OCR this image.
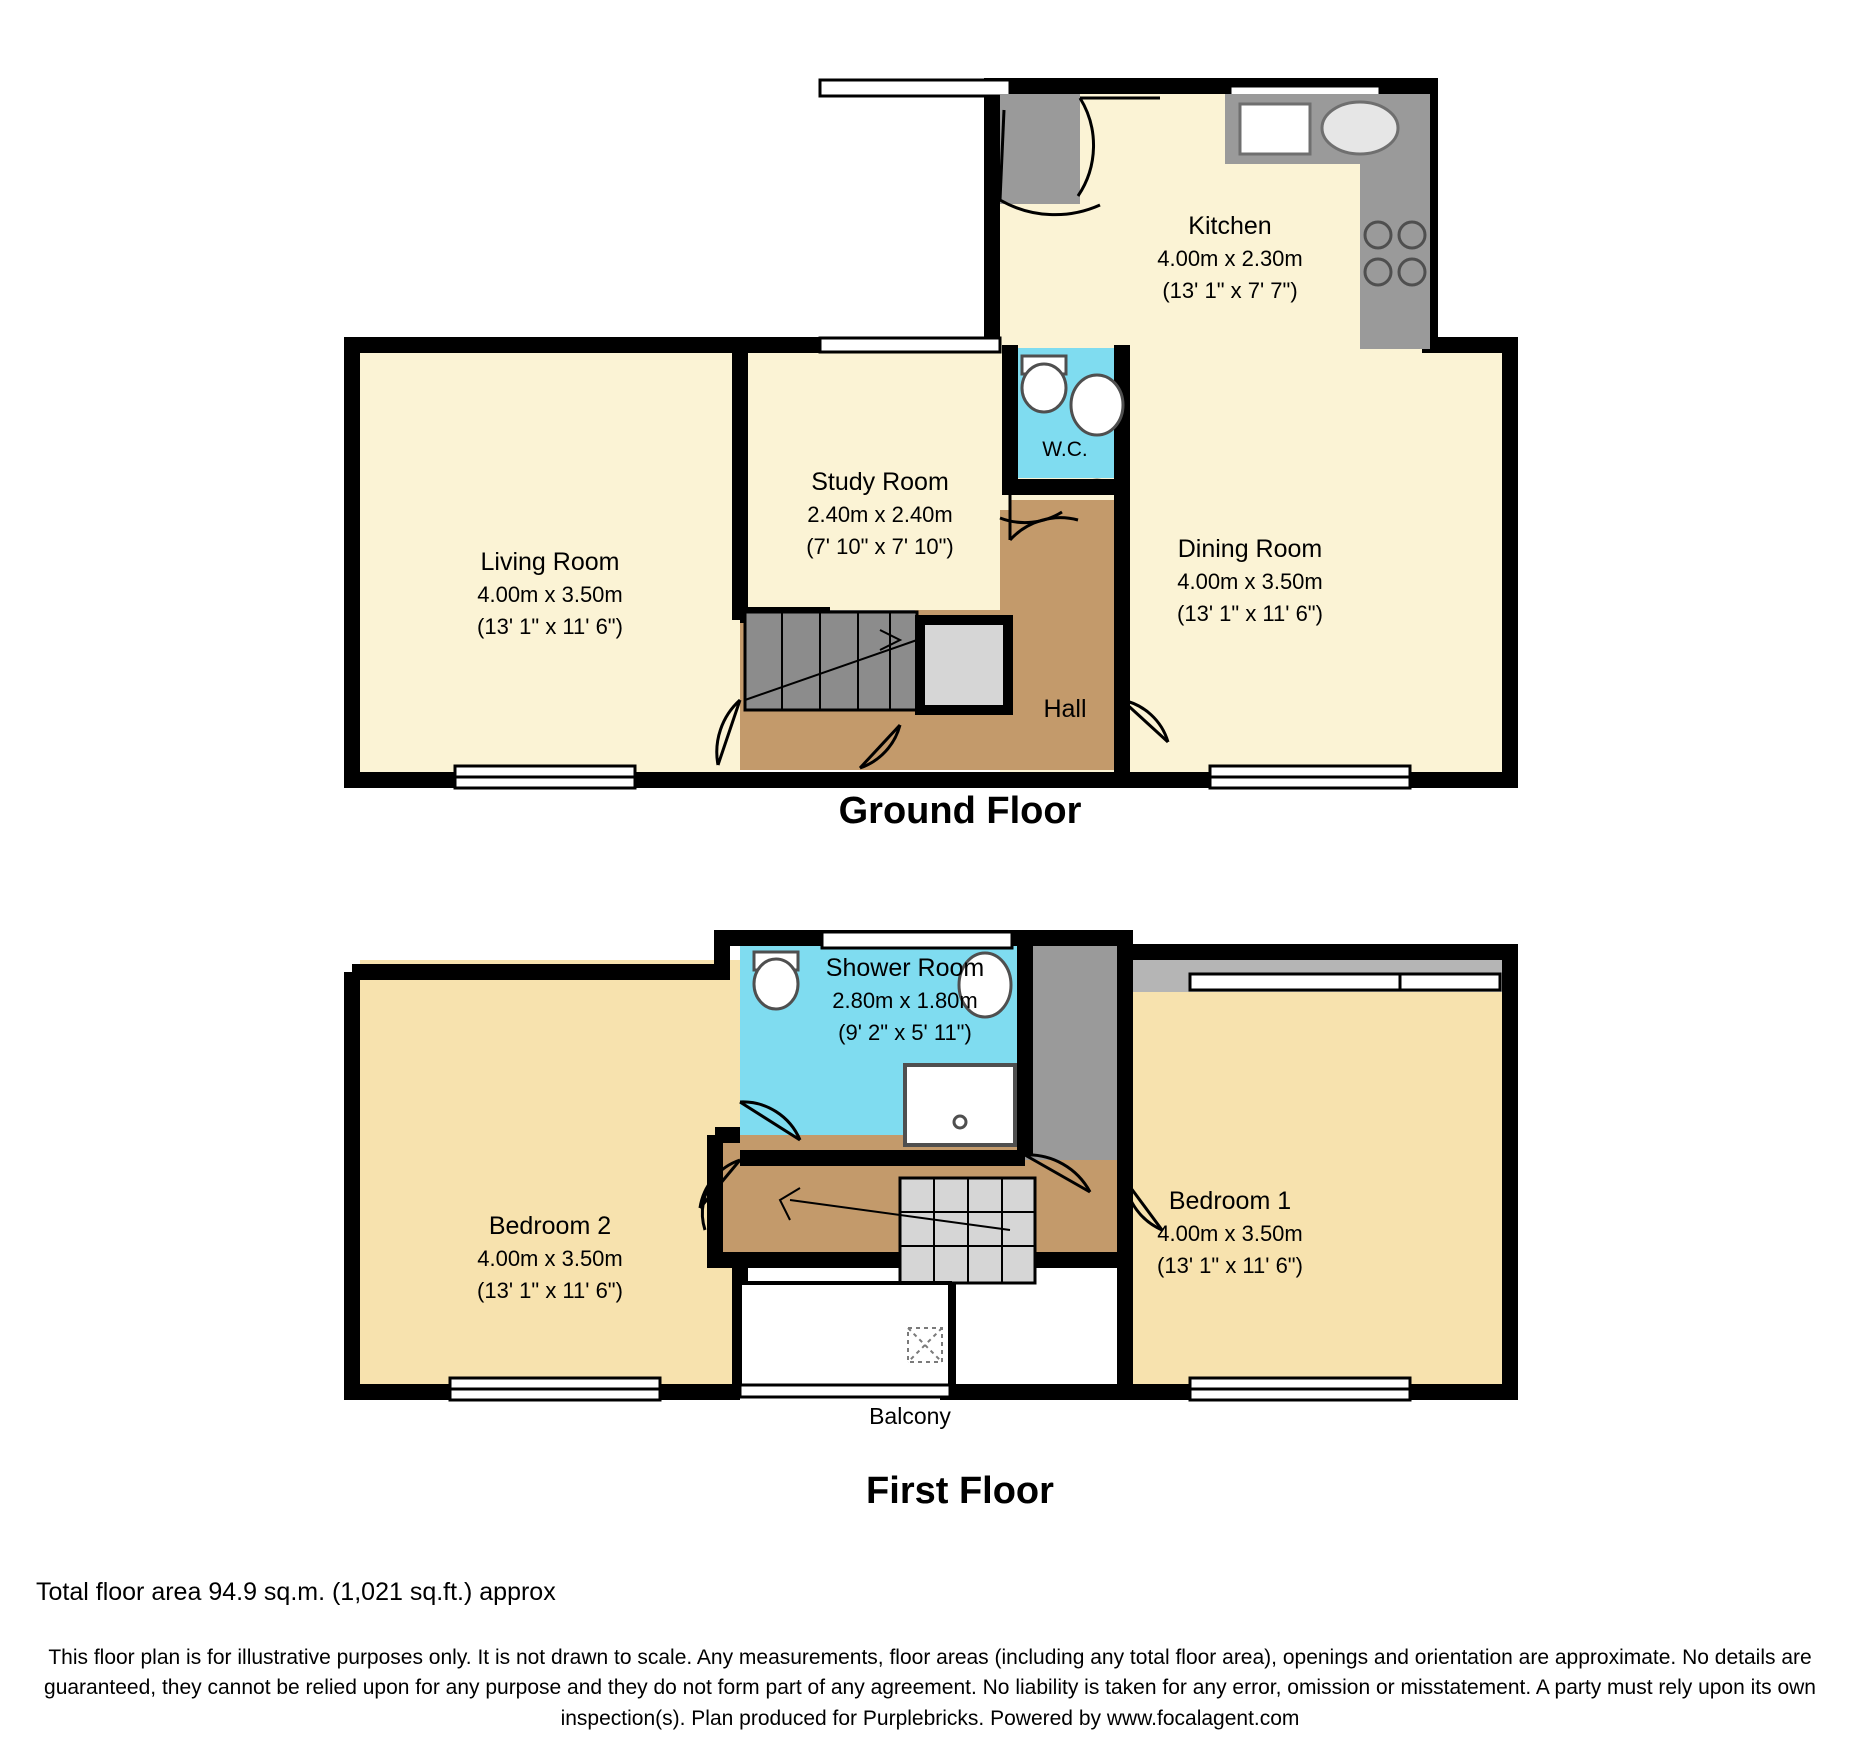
Kitchen
4.00m x 2.30m
(13' 1" x 7' 7")
Living Room
4.00m x 3.50m
(13' 1" x 11' 6")
Study Room
2.40m x 2.40m
(7' 10" x 7' 10")	Dining Room
4.00m x 3.50m
(13' 1" x 11' 6")
W.C.
Hall
Ground Floor
Shower Room
2.80m x 1.80m
(9' 2" x 5' 11")
Bedroom 2
4.00m x 3.50m
(13' 1" x 11' 6")
Bedroom 1
4.00m x 3.50m
(13' 1" x 11' 6")
Balcony
First Floor
Total floor area 94.9 sq.m. (1,021 sq.ft.) approx
This floor plan is for illustrative purposes only. It is not drawn to scale. Any measurements, floor areas (including any total floor area), openings and orientation are approximate. No details are guaranteed, they cannot be relied upon for any purpose and they do not form part of any agreement. No liability is taken for any error, omission or misstatement. A party must rely upon its own inspection(s). Plan produced for Purplebricks. Powered by www.focalagent.com
